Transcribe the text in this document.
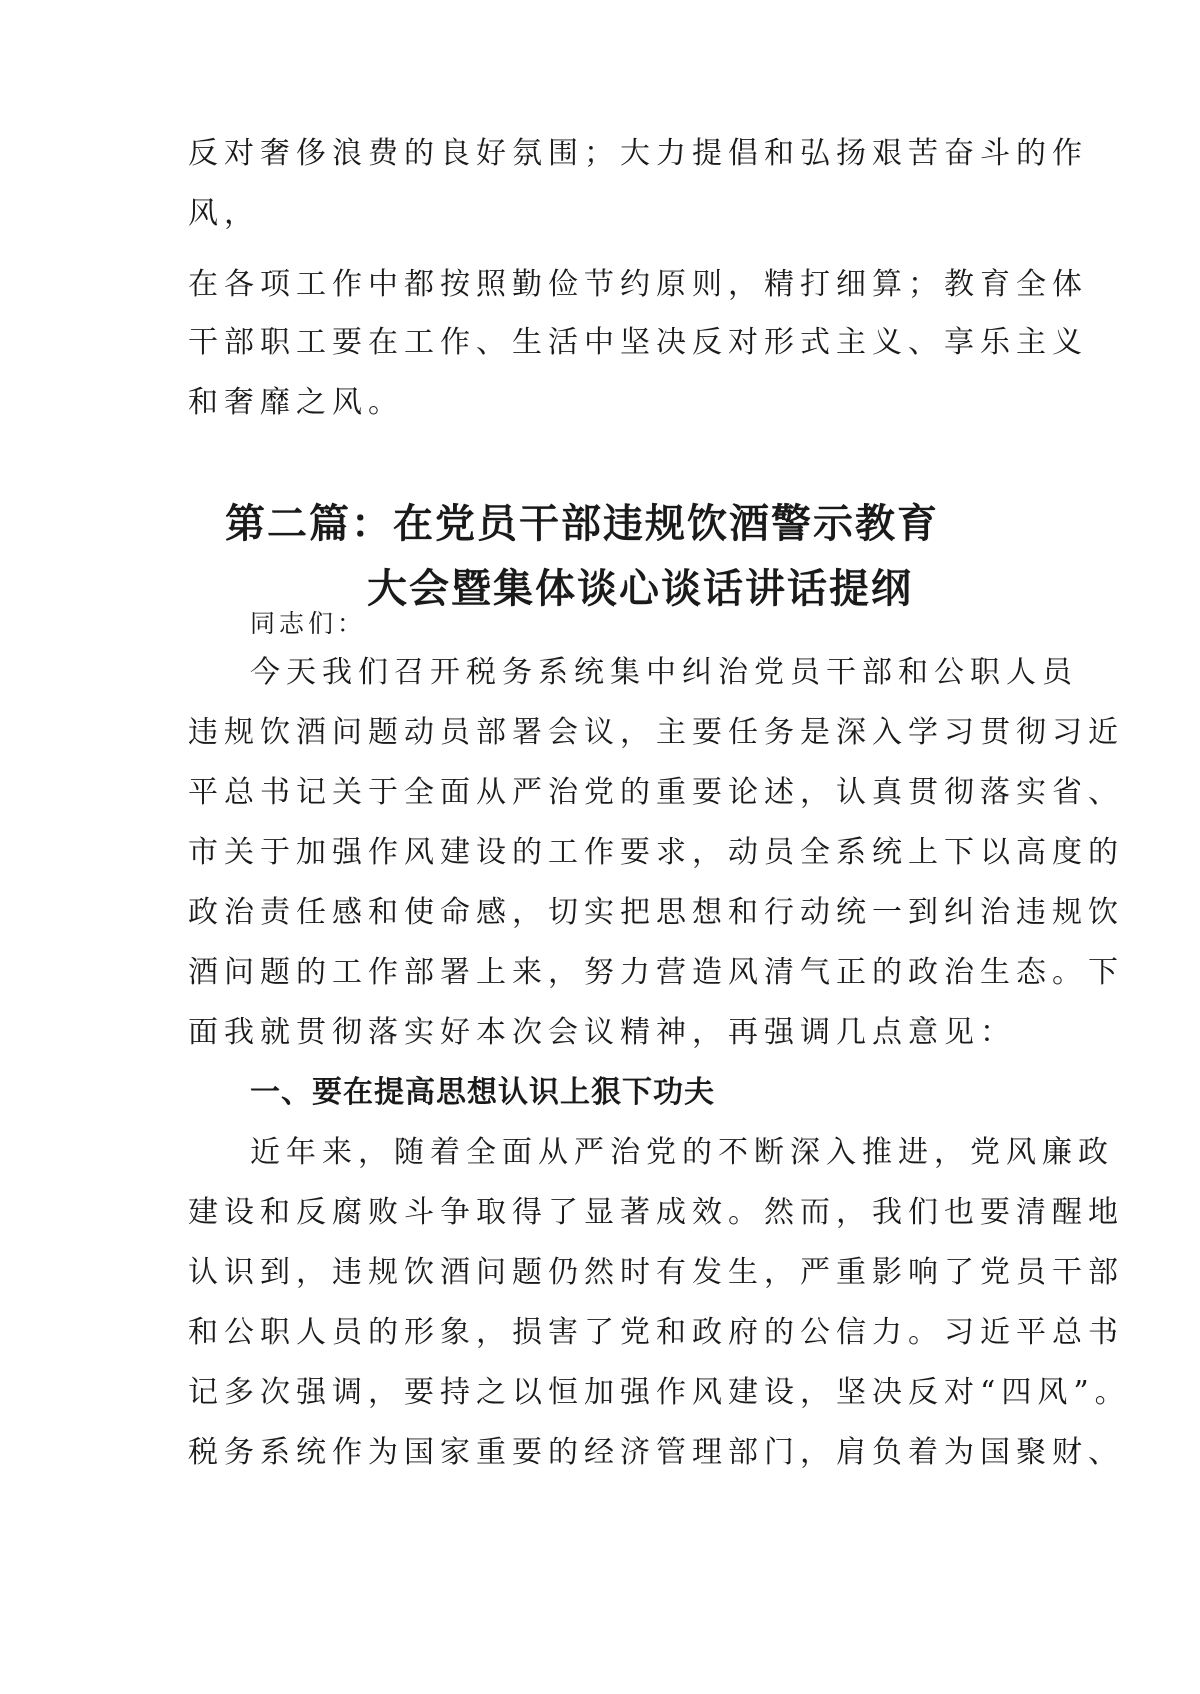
反对奢侈浪费的良好氛围；大力提倡和弘扬艰苦奋斗的作

风，

在各项工作中都按照勤俭节约原则，精打细算；教育全体

干部职工要在工作、生活中坚决反对形式主义、享乐主义

和奢靡之风。

第二篇：在党员干部违规饮酒警示教育
大会暨集体谈心谈话讲话提纲

同志们：

今天我们召开税务系统集中纠治党员干部和公职人员

违规饮酒问题动员部署会议，主要任务是深入学习贯彻习近

平总书记关于全面从严治党的重要论述，认真贯彻落实省、

市关于加强作风建设的工作要求，动员全系统上下以高度的

政治责任感和使命感，切实把思想和行动统一到纠治违规饮

酒问题的工作部署上来，努力营造风清气正的政治生态。下

面我就贯彻落实好本次会议精神，再强调几点意见：

一、要在提高思想认识上狠下功夫

近年来，随着全面从严治党的不断深入推进，党风廉政

建设和反腐败斗争取得了显著成效。然而，我们也要清醒地

认识到，违规饮酒问题仍然时有发生，严重影响了党员干部

和公职人员的形象，损害了党和政府的公信力。习近平总书

记多次强调，要持之以恒加强作风建设，坚决反对“四风”。

税务系统作为国家重要的经济管理部门，肩负着为国聚财、
